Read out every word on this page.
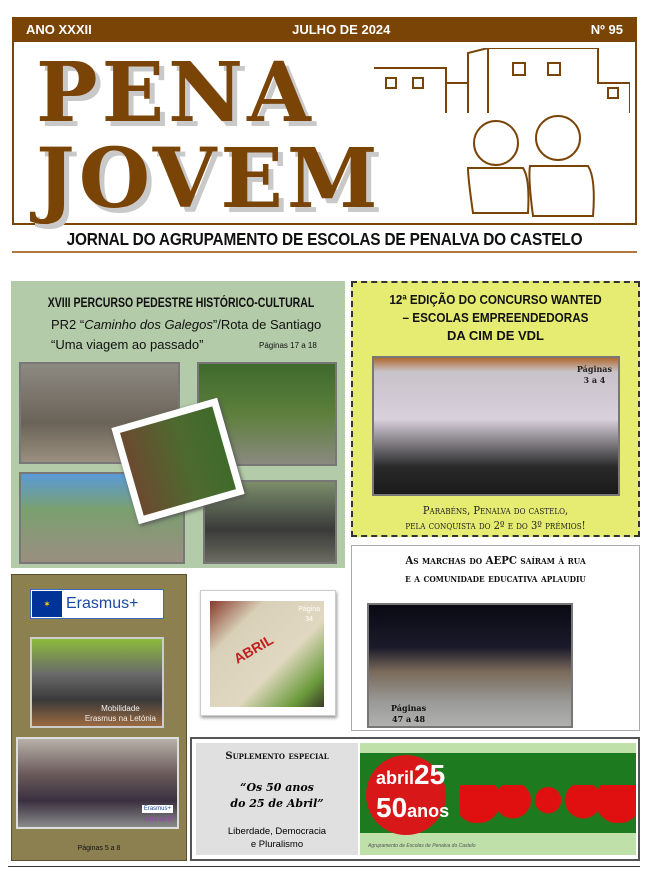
ANO XXXII	JULHO DE 2024	Nº 95
PENA
JOVEM
JORNAL DO AGRUPAMENTO DE ESCOLAS DE PENALVA DO CASTELO
XVIII PERCURSO PEDESTRE HISTÓRICO-CULTURAL
PR2 “Caminho dos Galegos”/Rota de Santiago
“Uma viagem ao passado”	Páginas 17 a 18
12ª EDIÇÃO DO CONCURSO WANTED
– ESCOLAS EMPREENDEDORAS
DA CIM DE VDL
Páginas
3 a 4
Parabéns, Penalva do castelo,
pela conquista do 2º e do 3º prémios!
As marchas do AEPC saíram à rua
e a comunidade educativa aplaudiu
Páginas
47 a 48
✶ Erasmus+
Mobilidade
Erasmus na Letónia
Erasmus+
Let's do IT
Páginas 5 a 8
ABRIL
Página
34
Suplemento especial
“Os 50 anos
do 25 de Abril”
Liberdade, Democracia
e Pluralismo
abril25
50anos
Agrupamento de Escolas de Penalva do Castelo
